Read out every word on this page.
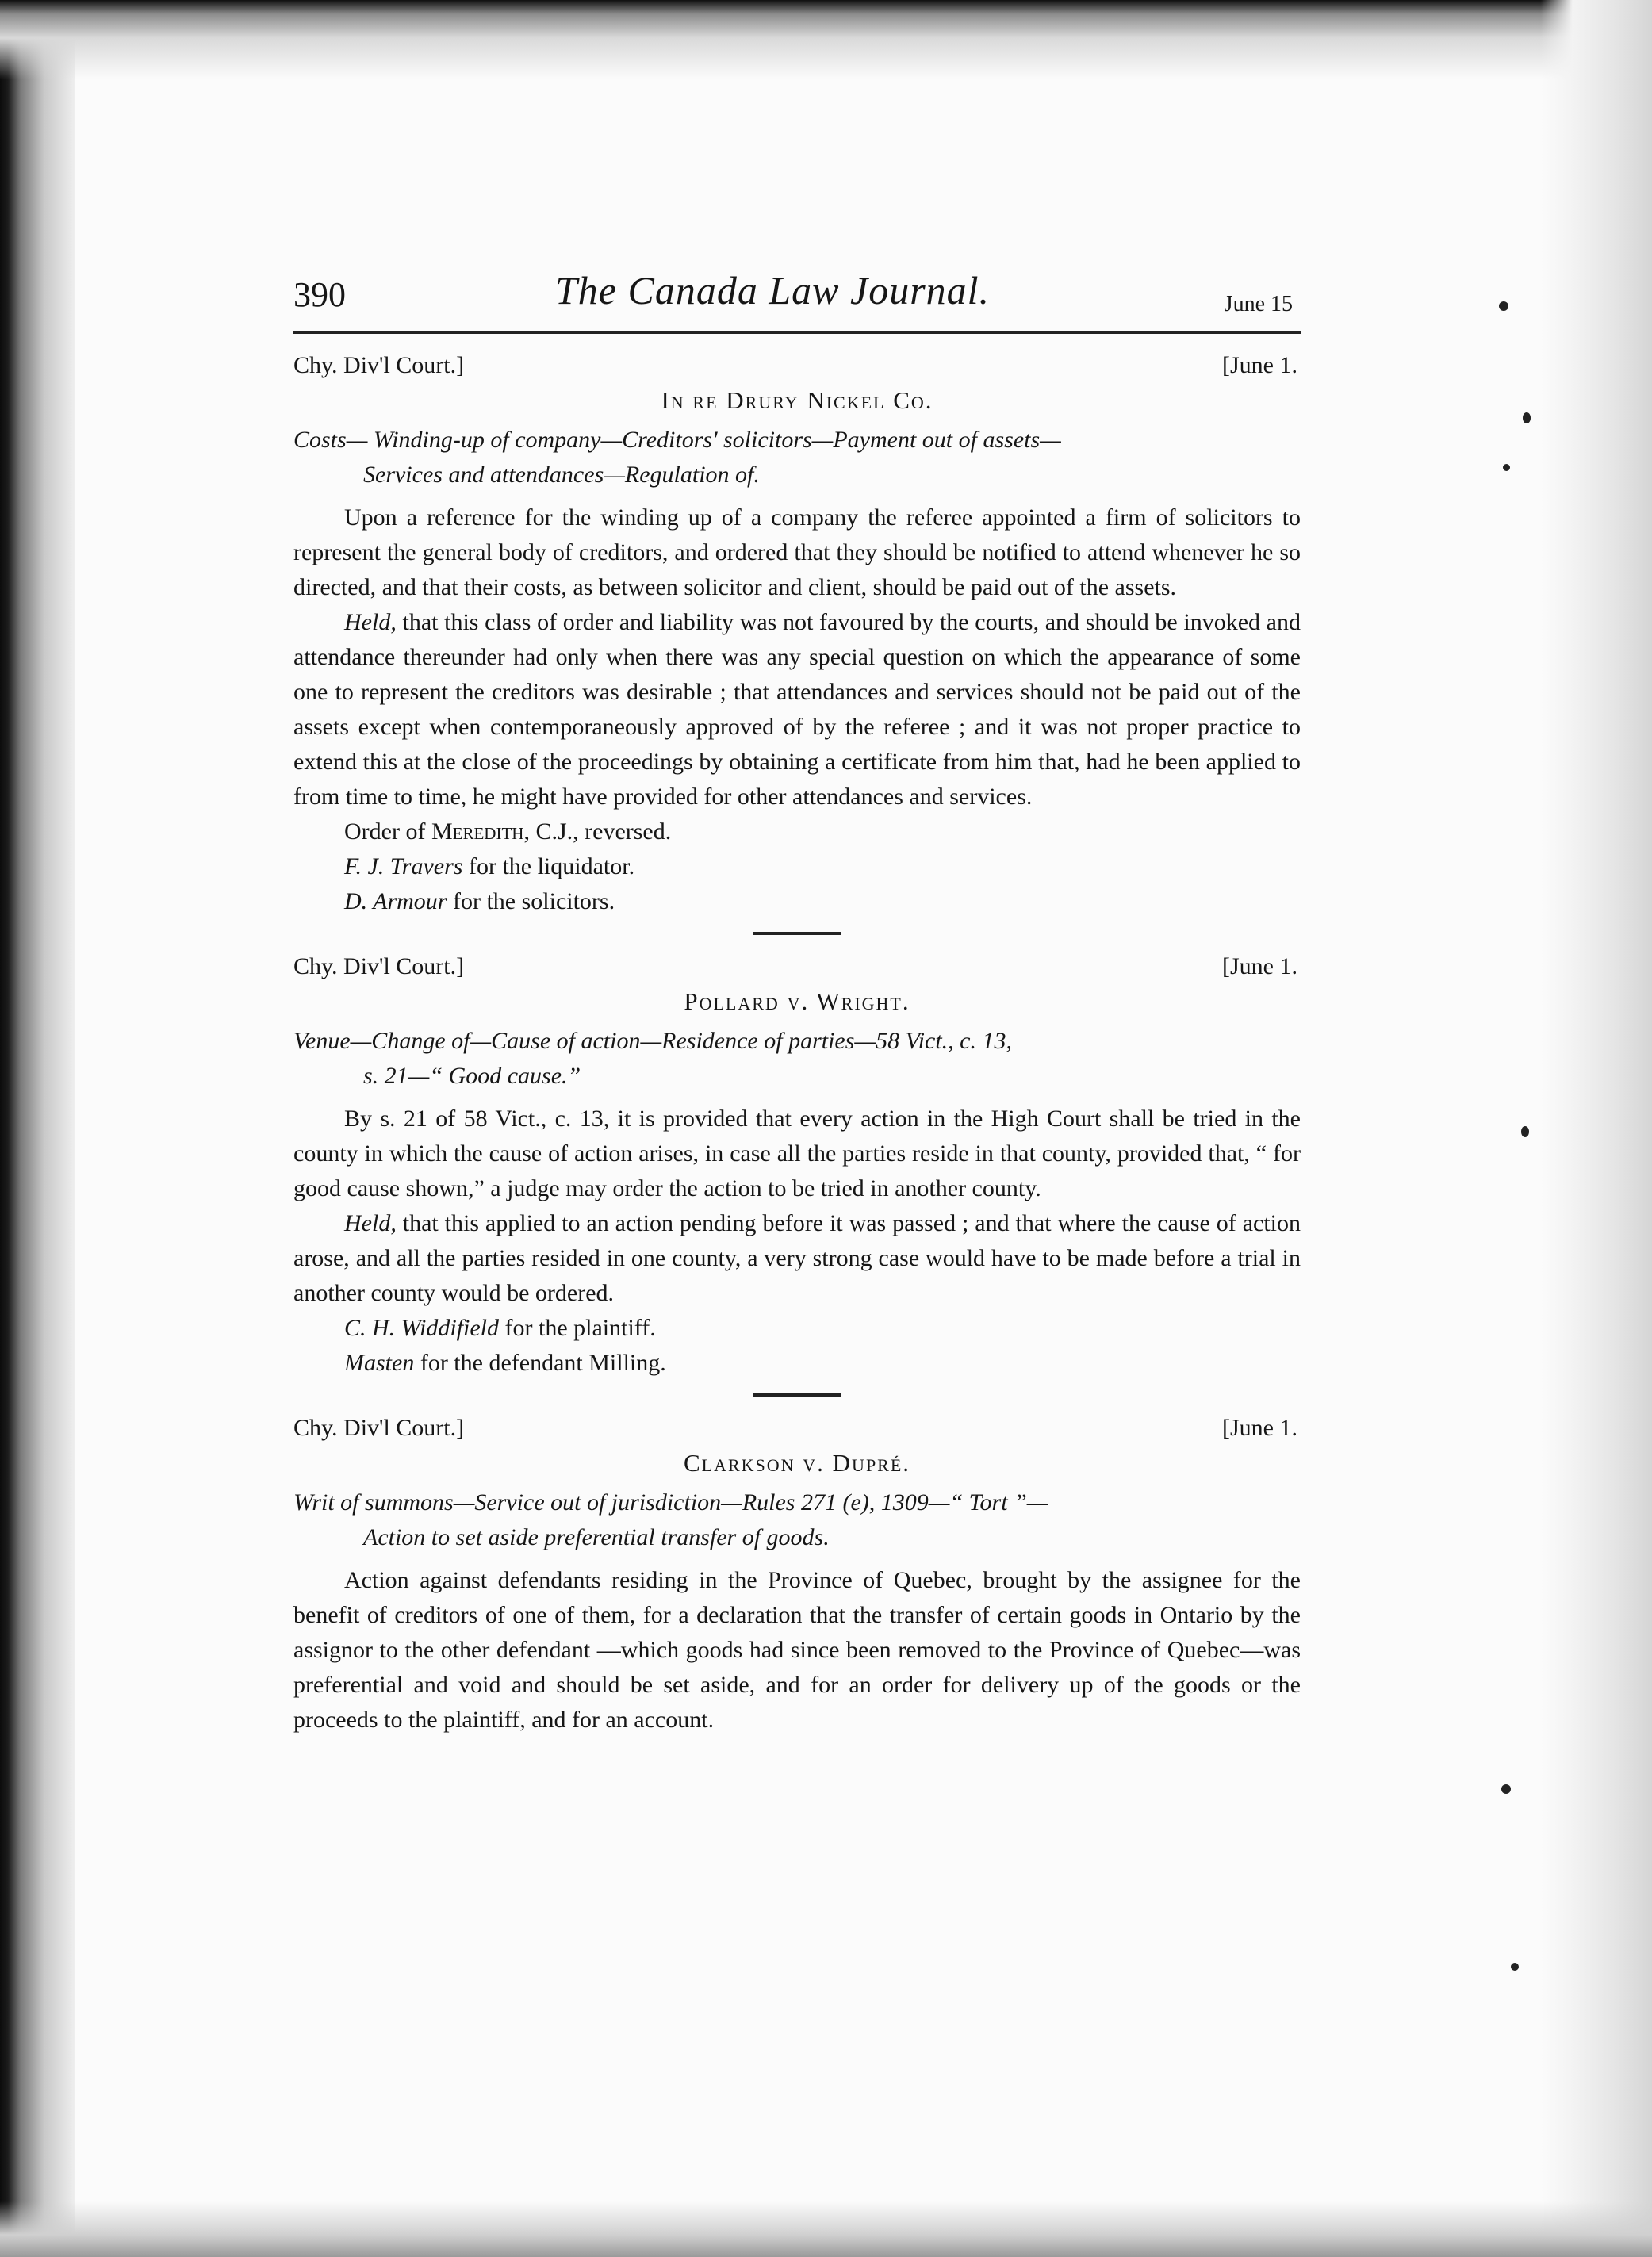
390	The Canada Law Journal.	June 15
Chy. Div'l Court.]	[June 1.
In re Drury Nickel Co.
Costs— Winding-up of company—Creditors' solicitors—Payment out of assets—
Services and attendances—Regulation of.

Upon a reference for the winding up of a company the referee appointed a firm of solicitors to represent the general body of creditors, and ordered that they should be notified to attend whenever he so directed, and that their costs, as between solicitor and client, should be paid out of the assets.

Held, that this class of order and liability was not favoured by the courts, and should be invoked and attendance thereunder had only when there was any special question on which the appearance of some one to represent the creditors was desirable ; that attendances and services should not be paid out of the assets except when contemporaneously approved of by the referee ; and it was not proper practice to extend this at the close of the proceedings by obtaining a certificate from him that, had he been applied to from time to time, he might have provided for other attendances and services.

Order of Meredith, C.J., reversed.

F. J. Travers for the liquidator.

D. Armour for the solicitors.

Chy. Div'l Court.]	[June 1.
Pollard v. Wright.
Venue—Change of—Cause of action—Residence of parties—58 Vict., c. 13,
s. 21—“ Good cause.”

By s. 21 of 58 Vict., c. 13, it is provided that every action in the High Court shall be tried in the county in which the cause of action arises, in case all the parties reside in that county, provided that, “ for good cause shown,” a judge may order the action to be tried in another county.

Held, that this applied to an action pending before it was passed ; and that where the cause of action arose, and all the parties resided in one county, a very strong case would have to be made before a trial in another county would be ordered.

C. H. Widdifield for the plaintiff.

Masten for the defendant Milling.

Chy. Div'l Court.]	[June 1.
Clarkson v. Dupré.
Writ of summons—Service out of jurisdiction—Rules 271 (e), 1309—“ Tort ”—
Action to set aside preferential transfer of goods.

Action against defendants residing in the Province of Quebec, brought by the assignee for the benefit of creditors of one of them, for a declaration that the transfer of certain goods in Ontario by the assignor to the other defendant —which goods had since been removed to the Province of Quebec—was preferential and void and should be set aside, and for an order for delivery up of the goods or the proceeds to the plaintiff, and for an account.
